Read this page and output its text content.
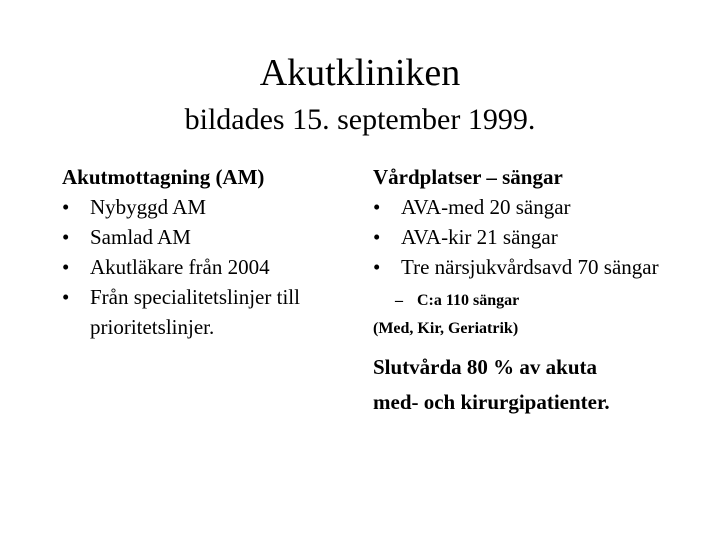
Akutkliniken
bildades 15. september 1999.
Akutmottagning (AM)
• Nybyggd AM
• Samlad AM
• Akutläkare från 2004
• Från specialitetslinjer till prioritetslinjer.
Vårdplatser – sängar
• AVA-med 20 sängar
• AVA-kir 21 sängar
• Tre närsjukvårdsavd 70 sängar
– C:a 110 sängar
(Med, Kir, Geriatrik)
Slutvårda 80 % av akuta
med- och kirurgipatienter.
